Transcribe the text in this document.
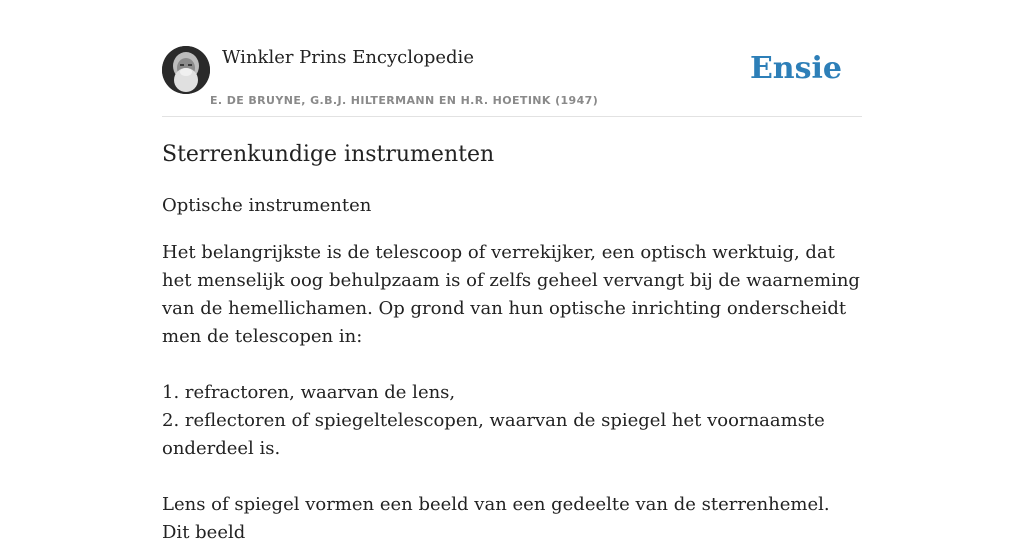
Winkler Prins Encyclopedie
E. DE BRUYNE, G.B.J. HILTERMANN EN H.R. HOETINK (1947)
Ensie
Sterrenkundige instrumenten
Optische instrumenten
Het belangrijkste is de telescoop of verrekijker, een optisch werktuig, dat het menselijk oog behulpzaam is of zelfs geheel vervangt bij de waarneming van de hemellichamen. Op grond van hun optische inrichting onderscheidt men de telescopen in:
1. refractoren, waarvan de lens,
2. reflectoren of spiegeltelescopen, waarvan de spiegel het voornaamste onderdeel is.
Lens of spiegel vormen een beeld van een gedeelte van de sterrenhemel. Dit beeld
